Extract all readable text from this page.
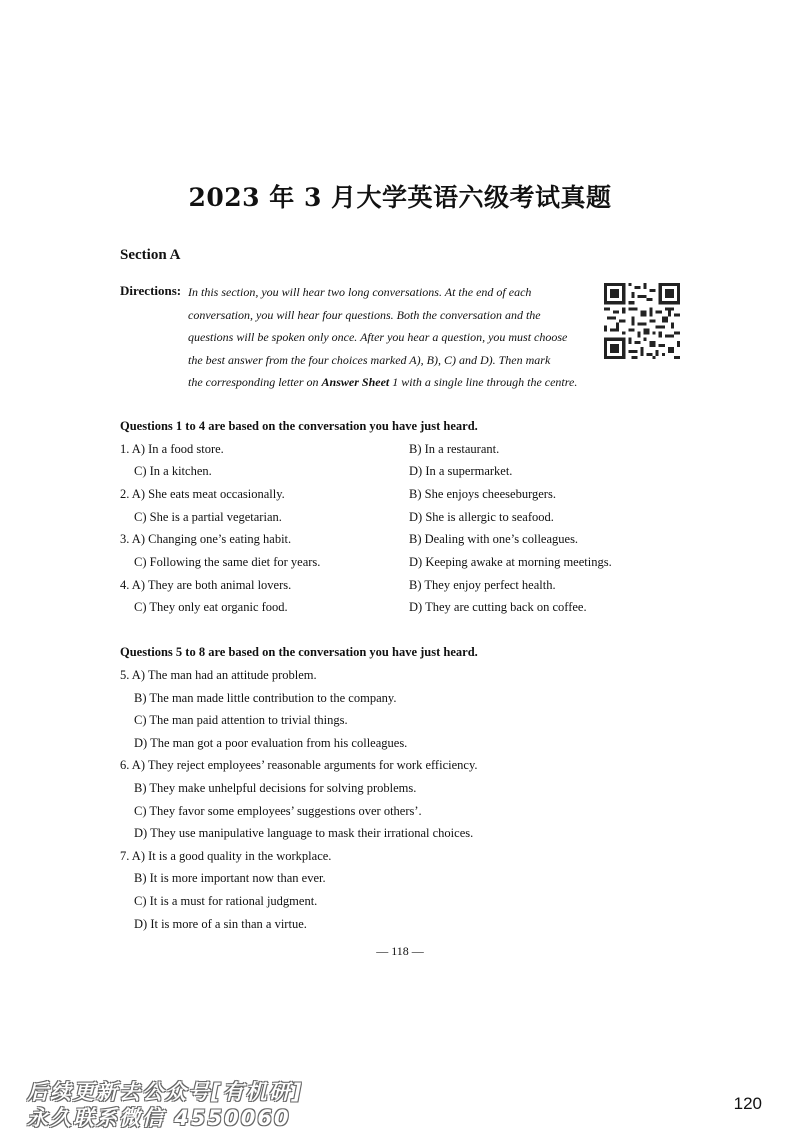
2023 年 3 月大学英语六级考试真题
Section A
Directions: In this section, you will hear two long conversations. At the end of each
conversation, you will hear four questions. Both the conversation and the
questions will be spoken only once. After you hear a question, you must choose
the best answer from the four choices marked A), B), C) and D). Then mark
the corresponding letter on Answer Sheet 1 with a single line through the centre.
Questions 1 to 4 are based on the conversation you have just heard.
1. A) In a food store.	B) In a restaurant.
C) In a kitchen.	D) In a supermarket.
2. A) She eats meat occasionally.	B) She enjoys cheeseburgers.
C) She is a partial vegetarian.	D) She is allergic to seafood.
3. A) Changing one’s eating habit.	B) Dealing with one’s colleagues.
C) Following the same diet for years.	D) Keeping awake at morning meetings.
4. A) They are both animal lovers.	B) They enjoy perfect health.
C) They only eat organic food.	D) They are cutting back on coffee.
Questions 5 to 8 are based on the conversation you have just heard.
5. A) The man had an attitude problem.
B) The man made little contribution to the company.
C) The man paid attention to trivial things.
D) The man got a poor evaluation from his colleagues.
6. A) They reject employees’ reasonable arguments for work efficiency.
B) They make unhelpful decisions for solving problems.
C) They favor some employees’ suggestions over others’.
D) They use manipulative language to mask their irrational choices.
7. A) It is a good quality in the workplace.
B) It is more important now than ever.
C) It is a must for rational judgment.
D) It is more of a sin than a virtue.
— 118 —
后续更新去公众号[有机研]
永久联系微信 4550060
120
